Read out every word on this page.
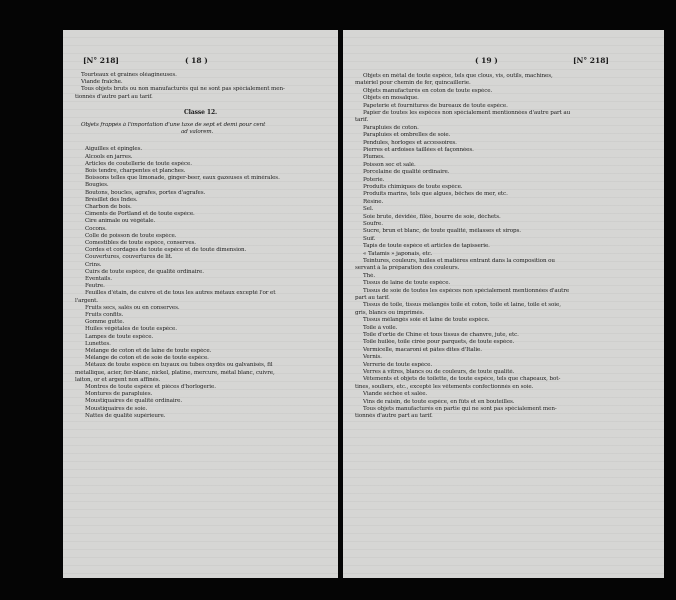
[N° 218]	( 18 )
Tourteaux et graines oléagineuses.
Viande fraîche.
Tous objets bruts ou non manufacturés qui ne sont pas spécialement men-
tionnés d'autre part au tarif.
Classe 12.
Objets frappés à l'importation d'une taxe de sept et demi pour cent
ad valorem.
Aiguilles et épingles.
Alcools en jarres.
Articles de coutellerie de toute espèce.
Bois tendre, charpentes et planches.
Boissons telles que limonade, ginger-beer, eaux gazeuses et minérales.
Bougies.
Boutons, boucles, agrafes, portes d'agrafes.
Brésillet des Indes.
Charbon de bois.
Ciments de Portland et de toute espèce.
Cire animale ou végétale.
Cocons.
Colle de poisson de toute espèce.
Comestibles de toute espèce, conserves.
Cordes et cordages de toute espèce et de toute dimension.
Couvertures, couvertures de lit.
Crins.
Cuirs de toute espèce, de qualité ordinaire.
Éventails.
Feutre.
Feuilles d'étain, de cuivre et de tous les autres métaux excepté l'or et
l'argent.
Fruits secs, salés ou en conserves.
Fruits confits.
Gomme gutte.
Huiles végétales de toute espèce.
Lampes de toute espèce.
Lunettes.
Mélange de coton et de laine de toute espèce.
Mélange de coton et de soie de toute espèce.
Métaux de toute espèce en tuyaux ou tubes oxydés ou galvanisés, fil
métallique, acier, fer-blanc, nickel, platine, mercure, métal blanc, cuivre,
laiton, or et argent non affinés.
Montres de toute espèce et pièces d'horlogerie.
Montures de parapluies.
Moustiquaires de qualité ordinaire.
Moustiquaires de soie.
Nattes de qualité supérieure.
( 19 )	[N° 218]
Objets en métal de toute espèce, tels que clous, vis, outils, machines,
matériel pour chemin de fer, quincaillerie.
Objets manufacturés en coton de toute espèce.
Objets en mosaïque.
Papeterie et fournitures de bureaux de toute espèce.
Papier de toutes les espèces non spécialement mentionnées d'autre part au
tarif.
Parapluies de coton.
Parapluies et ombrelles de soie.
Pendules, horloges et accessoires.
Pierres et ardoises taillées et façonnées.
Plumes.
Poisson sec et salé.
Porcelaine de qualité ordinaire.
Poterie.
Produits chimiques de toute espèce.
Produits marins, tels que algues, bêches de mer, etc.
Résine.
Sel.
Soie brute, dévidée, filée, bourre de soie, déchets.
Soufre.
Sucre, brun et blanc, de toute qualité, mélasses et sirops.
Suif.
Tapis de toute espèce et articles de tapisserie.
« Tatamis » japonais, etc.
Teintures, couleurs, huiles et matières entrant dans la composition ou
servant à la préparation des couleurs.
Thé.
Tissus de laine de toute espèce.
Tissus de soie de toutes les espèces non spécialement mentionnées d'autre
part au tarif.
Tissus de toile, tissus mélangés toile et coton, toile et laine, toile et soie,
gris, blancs ou imprimés.
Tissus mélangés soie et laine de toute espèce.
Toile à voile.
Toile d'ortie de Chine et tous tissus de chanvre, jute, etc.
Toile huilée, toile cirée pour parquets, de toute espèce.
Vermicelle, macaroni et pâtes dites d'Italie.
Vernis.
Verrerie de toute espèce.
Verres à vitres, blancs ou de couleurs, de toute qualité.
Vêtements et objets de toilette, de toute espèce, tels que chapeaux, bot-
tines, souliers, etc., excepté les vêtements confectionnés en soie.
Viande séchée et salée.
Vins de raisin, de toute espèce, en fûts et en bouteilles.
Tous objets manufacturés en partie qui ne sont pas spécialement men-
tionnés d'autre part au tarif.
